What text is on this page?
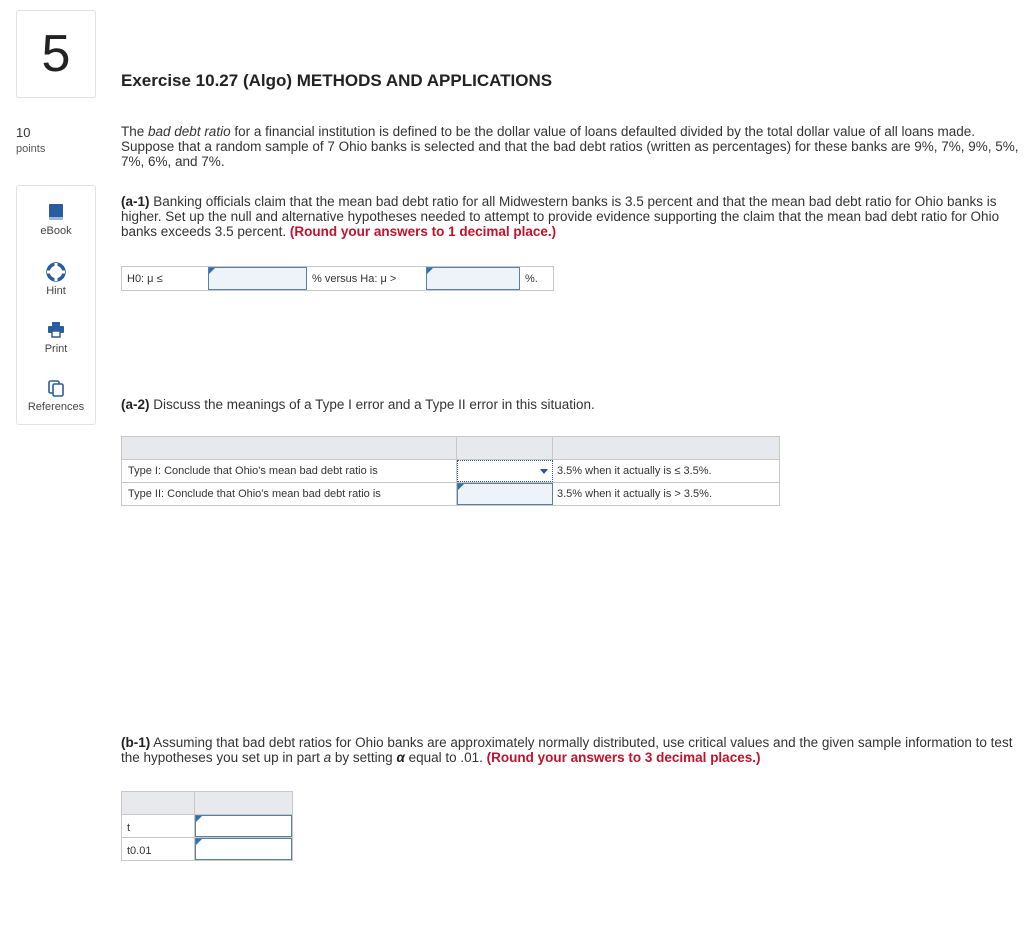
5
10
points
eBook
Hint
Print
References
Exercise 10.27 (Algo) METHODS AND APPLICATIONS
The bad debt ratio for a financial institution is defined to be the dollar value of loans defaulted divided by the total dollar value of all loans made. Suppose that a random sample of 7 Ohio banks is selected and that the bad debt ratios (written as percentages) for these banks are 9%, 7%, 9%, 5%, 7%, 6%, and 7%.
(a-1) Banking officials claim that the mean bad debt ratio for all Midwestern banks is 3.5 percent and that the mean bad debt ratio for Ohio banks is higher. Set up the null and alternative hypotheses needed to attempt to provide evidence supporting the claim that the mean bad debt ratio for Ohio banks exceeds 3.5 percent. (Round your answers to 1 decimal place.)
H0: μ ≤	% versus Ha: μ >	%.
(a-2) Discuss the meanings of a Type I error and a Type II error in this situation.
Type I: Conclude that Ohio's mean bad debt ratio is	3.5% when it actually is ≤ 3.5%.
Type II: Conclude that Ohio's mean bad debt ratio is	3.5% when it actually is > 3.5%.
(b-1) Assuming that bad debt ratios for Ohio banks are approximately normally distributed, use critical values and the given sample information to test the hypotheses you set up in part a by setting α equal to .01. (Round your answers to 3 decimal places.)
t
t0.01
